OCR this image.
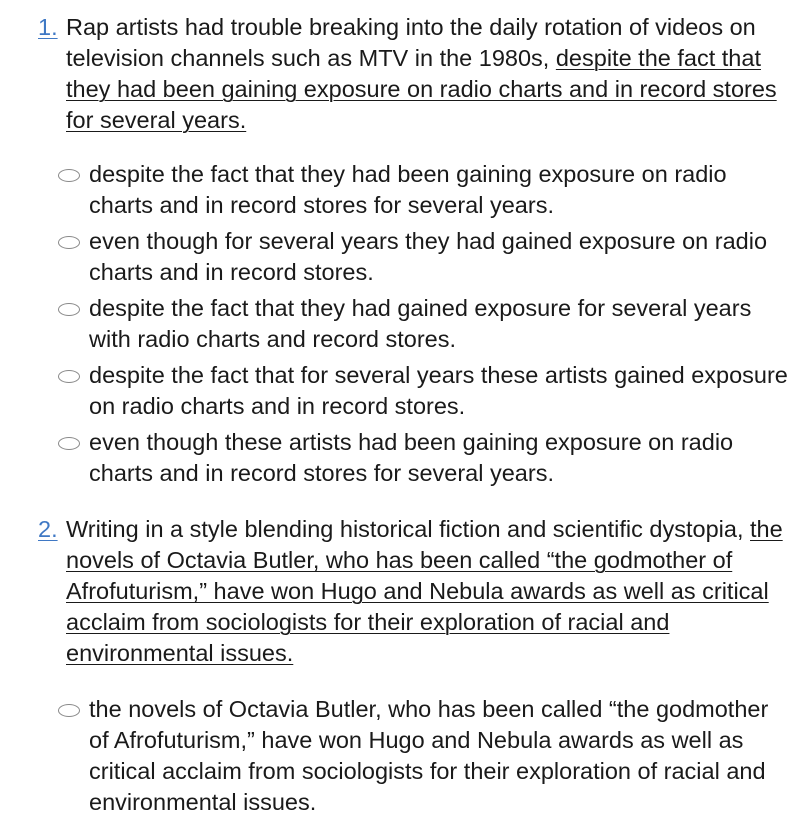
1. Rap artists had trouble breaking into the daily rotation of videos on television channels such as MTV in the 1980s, despite the fact that they had been gaining exposure on radio charts and in record stores for several years.

despite the fact that they had been gaining exposure on radio charts and in record stores for several years.
even though for several years they had gained exposure on radio charts and in record stores.
despite the fact that they had gained exposure for several years with radio charts and record stores.
despite the fact that for several years these artists gained exposure on radio charts and in record stores.
even though these artists had been gaining exposure on radio charts and in record stores for several years.
2. Writing in a style blending historical fiction and scientific dystopia, the novels of Octavia Butler, who has been called “the godmother of Afrofuturism,” have won Hugo and Nebula awards as well as critical acclaim from sociologists for their exploration of racial and environmental issues.

the novels of Octavia Butler, who has been called “the godmother of Afrofuturism,” have won Hugo and Nebula awards as well as critical acclaim from sociologists for their exploration of racial and environmental issues.
